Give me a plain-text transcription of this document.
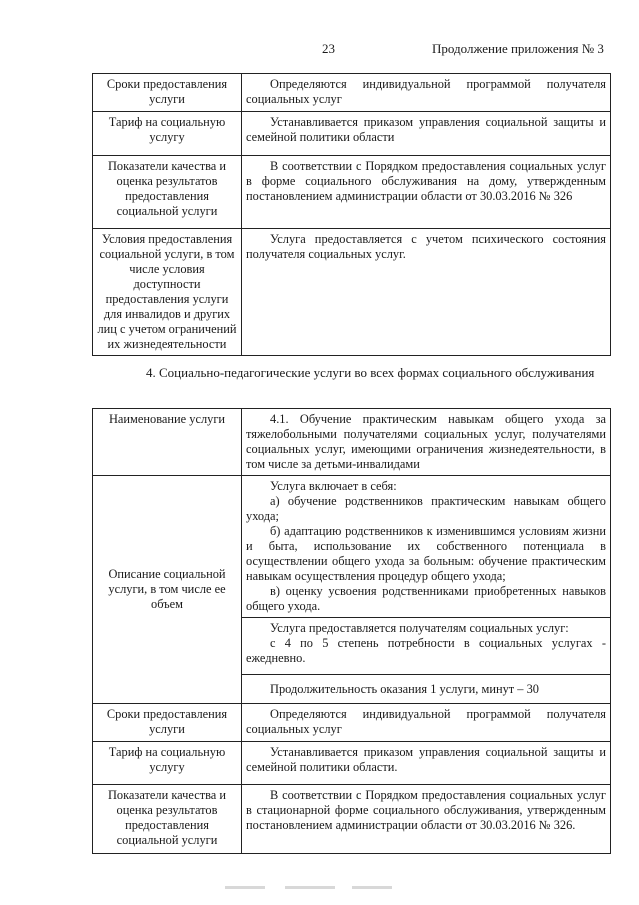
23	Продолжение приложения № 3
Сроки предоставления услуги	Определяются индивидуальной программой получателя социальных услуг

Тариф на социальную услугу	Устанавливается приказом управления социальной защиты и семейной политики области

Показатели качества и оценка результатов предоставления социальной услуги	В соответствии с Порядком предоставления социальных услуг в форме социального обслуживания на дому, утвержденным постановлением администрации области от 30.03.2016 № 326

Условия предоставления социальной услуги, в том числе условия доступности предоставления услуги для инвалидов и других лиц с учетом ограничений их жизнедеятельности	Услуга предоставляется с учетом психического состояния получателя социальных услуг.

4. Социально-педагогические услуги во всех формах социального обслуживания
Наименование услуги	4.1. Обучение практическим навыкам общего ухода за тяжелобольными получателями социальных услуг, получателями социальных услуг, имеющими ограничения жизнедеятельности, в том числе за детьми-инвалидами

Описание социальной услуги, в том числе ее объем	Услуга включает в себя:

а) обучение родственников практическим навыкам общего ухода;

б) адаптацию родственников к изменившимся условиям жизни и быта, использование их собственного потенциала в осуществлении общего ухода за больным: обучение практическим навыкам осуществления процедур общего ухода;

в) оценку усвоения родственниками приобретенных навыков общего ухода.

	Услуга предоставляется получателям социальных услуг:

с 4 по 5 степень потребности в социальных услугах - ежедневно.

	Продолжительность оказания 1 услуги, минут – 30

Сроки предоставления услуги	Определяются индивидуальной программой получателя социальных услуг

Тариф на социальную услугу	Устанавливается приказом управления социальной защиты и семейной политики области.

Показатели качества и оценка результатов предоставления социальной услуги	В соответствии с Порядком предоставления социальных услуг в стационарной форме социального обслуживания, утвержденным постановлением администрации области от 30.03.2016 № 326.
